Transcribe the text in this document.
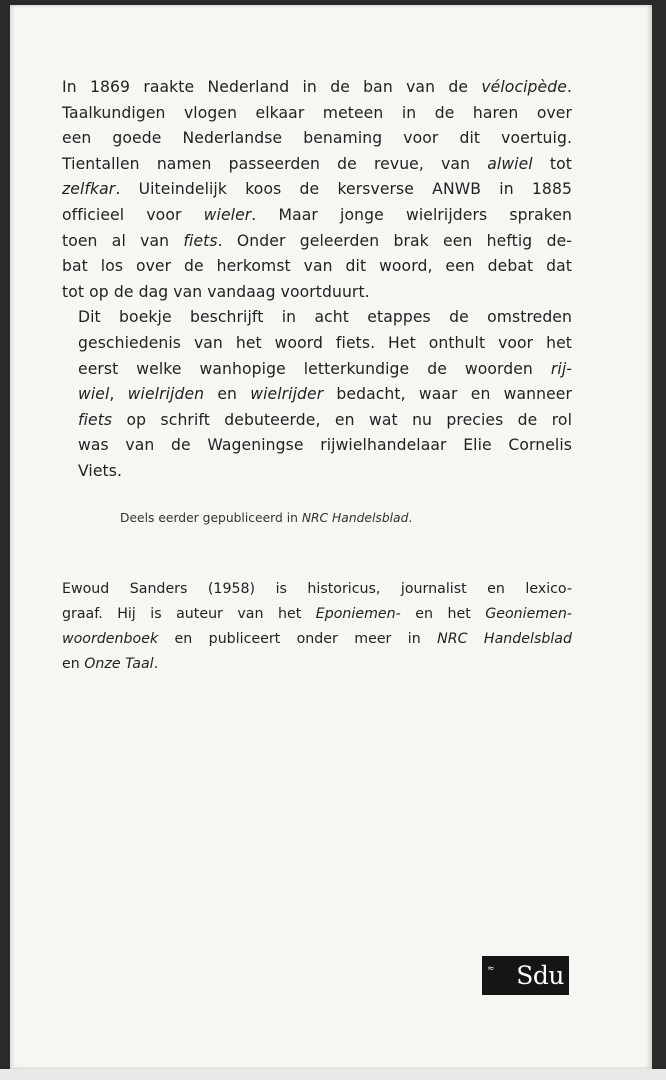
In 1869 raakte Nederland in de ban van de vélocipède.
Taalkundigen vlogen elkaar meteen in de haren over
een goede Nederlandse benaming voor dit voertuig.
Tientallen namen passeerden de revue, van alwiel tot
zelfkar. Uiteindelijk koos de kersverse ANWB in 1885
officieel voor wieler. Maar jonge wielrijders spraken
toen al van fiets. Onder geleerden brak een heftig de-
bat los over de herkomst van dit woord, een debat dat
tot op de dag van vandaag voortduurt.

Dit boekje beschrijft in acht etappes de omstreden
geschiedenis van het woord fiets. Het onthult voor het
eerst welke wanhopige letterkundige de woorden rij-
wiel, wielrijden en wielrijder bedacht, waar en wanneer
fiets op schrift debuteerde, en wat nu precies de rol
was van de Wageningse rijwielhandelaar Elie Cornelis
Viets.

Deels eerder gepubliceerd in NRC Handelsblad.
Ewoud Sanders (1958) is historicus, journalist en lexico-
graaf. Hij is auteur van het Eponiemen- en het Geoniemen-
woordenboek en publiceert onder meer in NRC Handelsblad
en Onze Taal.
≈ Sdu
